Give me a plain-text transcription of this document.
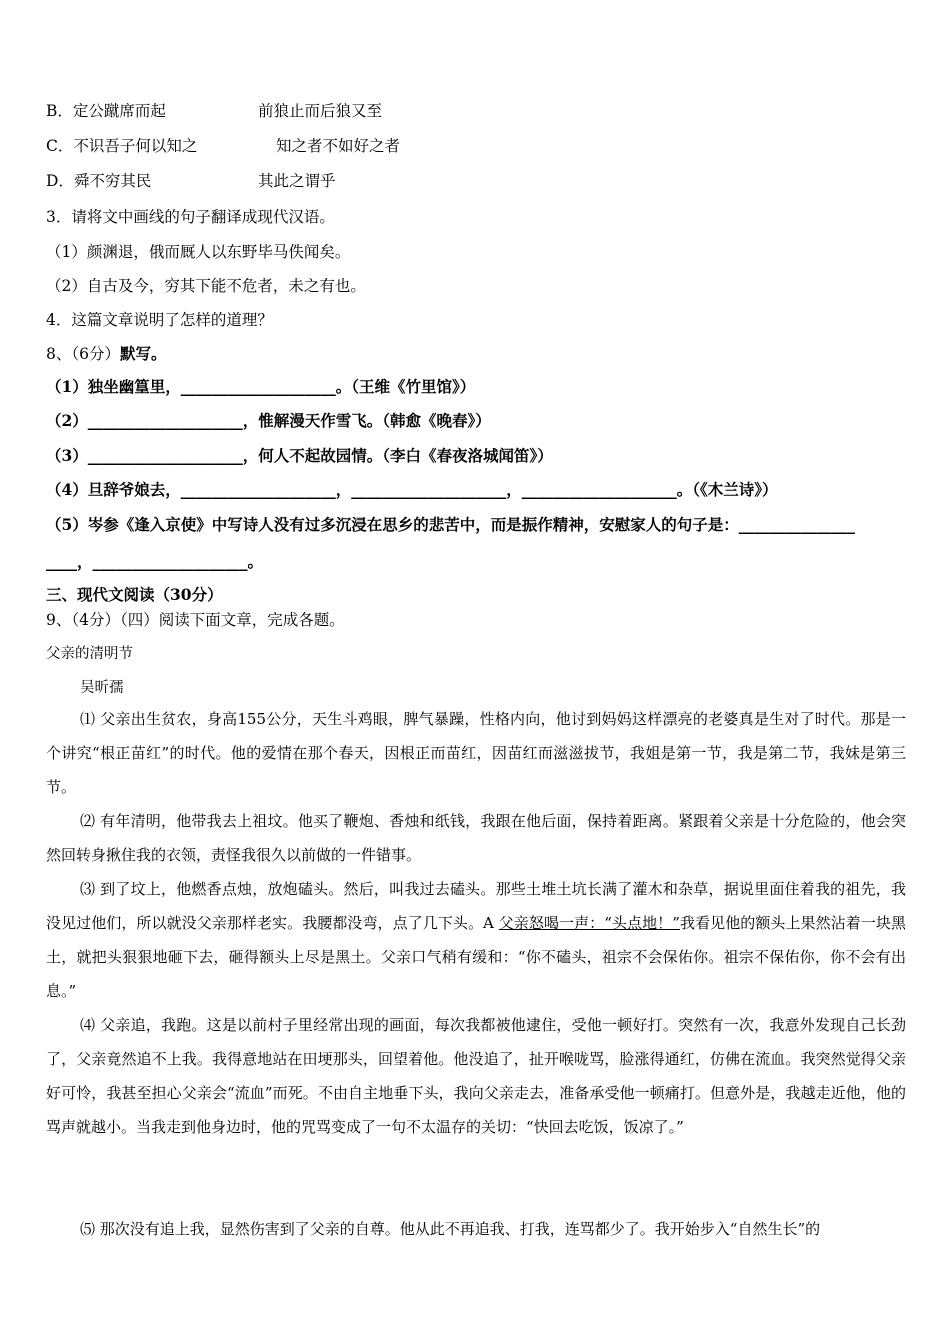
B．定公蹴席而起	前狼止而后狼又至
C．不识吾子何以知之	知之者不如好之者
D．舜不穷其民	其此之谓乎
3．请将文中画线的句子翻译成现代汉语。
（1）颜渊退，俄而厩人以东野毕马佚闻矣。
（2）自古及今，穷其下能不危者，未之有也。
4．这篇文章说明了怎样的道理？
8、（6分）默写。
（1）独坐幽篁里，____________________。（王维《竹里馆》）
（2）____________________，惟解漫天作雪飞。（韩愈《晚春》）
（3）____________________，何人不起故园情。（李白《春夜洛城闻笛》）
（4）旦辞爷娘去，____________________，____________________，____________________。（《木兰诗》）
（5）岑参《逢入京使》中写诗人没有过多沉浸在思乡的悲苦中，而是振作精神，安慰家人的句子是：_______________
____，____________________。
三、现代文阅读（30分）
9、（4分）（四）阅读下面文章，完成各题。
父亲的清明节
吴昕孺
⑴ 父亲出生贫农，身高155公分，天生斗鸡眼，脾气暴躁，性格内向，他讨到妈妈这样漂亮的老婆真是生对了时代。那是一个讲究“根正苗红”的时代。他的爱情在那个春天，因根正而苗红，因苗红而滋滋拔节，我姐是第一节，我是第二节，我妹是第三节。
⑵ 有年清明，他带我去上祖坟。他买了鞭炮、香烛和纸钱，我跟在他后面，保持着距离。紧跟着父亲是十分危险的，他会突然回转身揪住我的衣领，责怪我很久以前做的一件错事。
⑶ 到了坟上，他燃香点烛，放炮磕头。然后，叫我过去磕头。那些土堆土坑长满了灌木和杂草，据说里面住着我的祖先，我没见过他们，所以就没父亲那样老实。我腰都没弯，点了几下头。A 父亲怒喝一声：“头点地！”我看见他的额头上果然沾着一块黑土，就把头狠狠地砸下去，砸得额头上尽是黑土。父亲口气稍有缓和：“你不磕头，祖宗不会保佑你。祖宗不保佑你，你不会有出息。”
⑷ 父亲追，我跑。这是以前村子里经常出现的画面，每次我都被他逮住，受他一顿好打。突然有一次，我意外发现自己长劲了，父亲竟然追不上我。我得意地站在田埂那头，回望着他。他没追了，扯开喉咙骂，脸涨得通红，仿佛在流血。我突然觉得父亲好可怜，我甚至担心父亲会“流血”而死。不由自主地垂下头，我向父亲走去，准备承受他一顿痛打。但意外是，我越走近他，他的骂声就越小。当我走到他身边时，他的咒骂变成了一句不太温存的关切：“快回去吃饭，饭凉了。”
⑸ 那次没有追上我，显然伤害到了父亲的自尊。他从此不再追我、打我，连骂都少了。我开始步入“自然生长”的
